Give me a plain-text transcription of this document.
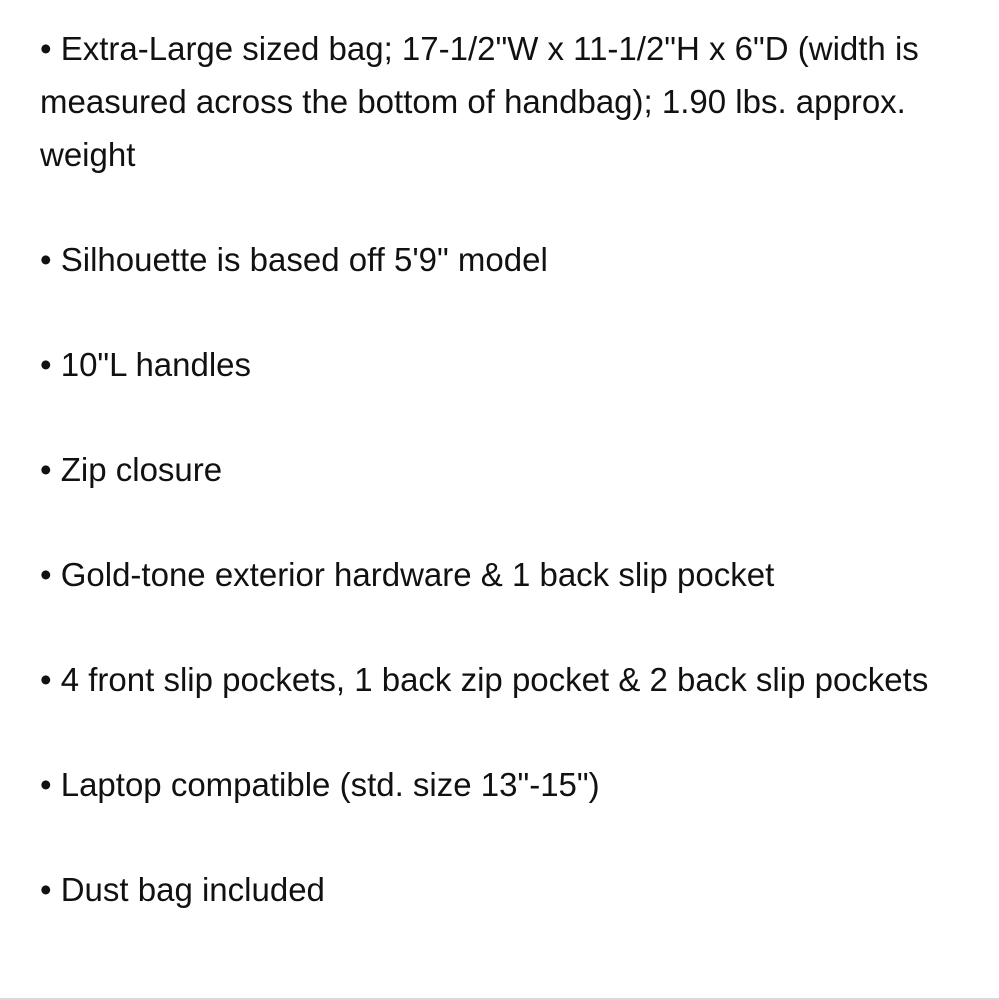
• Extra-Large sized bag; 17-1/2"W x 11-1/2"H x 6"D (width is measured across the bottom of handbag); 1.90 lbs. approx. weight
• Silhouette is based off 5'9" model
• 10"L handles
• Zip closure
• Gold-tone exterior hardware & 1 back slip pocket
• 4 front slip pockets, 1 back zip pocket & 2 back slip pockets
• Laptop compatible (std. size 13"-15")
• Dust bag included
